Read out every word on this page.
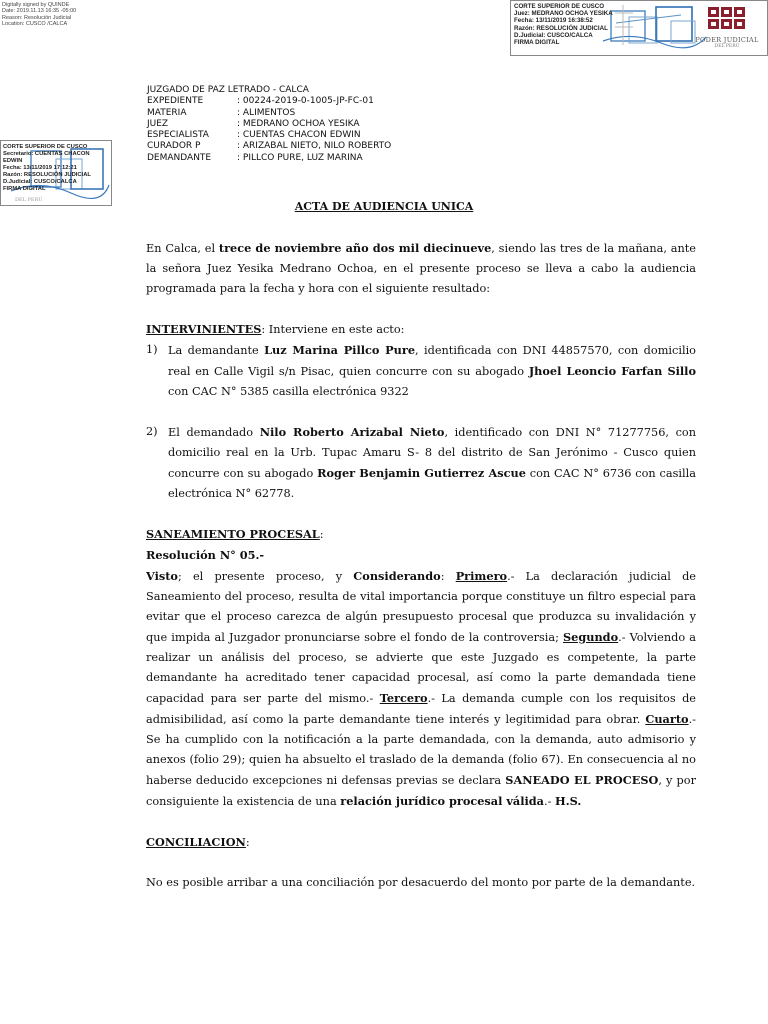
Digitally signed by QUINDE
Date: 2019.11.13 16:35 -05:00
Reason: Resolución Judicial
Location: CUSCO /CALCA
CORTE SUPERIOR DE CUSCO
Juez: MEDRANO OCHOA YESIKA
Fecha: 13/11/2019 16:38:52
Razón: RESOLUCIÓN JUDICIAL
D.Judicial: CUSCO/CALCA
FIRMA DIGITAL	PODER JUDICIAL
DEL PERÚ
CORTE SUPERIOR DE CUSCO
Secretario: CUENTAS CHACON
EDWIN
Fecha: 13/11/2019 17:12:21
Razón: RESOLUCIÓN JUDICIAL
D.Judicial: CUSCO/CALCA
FIRMA DIGITAL
DEL PERÚ
JUZGADO DE PAZ LETRADO - CALCA
EXPEDIENTE	: 00224-2019-0-1005-JP-FC-01
MATERIA	: ALIMENTOS
JUEZ	: MEDRANO OCHOA YESIKA
ESPECIALISTA	: CUENTAS CHACON EDWIN
CURADOR P	: ARIZABAL NIETO, NILO ROBERTO
DEMANDANTE	: PILLCO PURE, LUZ MARINA
ACTA DE AUDIENCIA UNICA

En Calca, el trece de noviembre año dos mil diecinueve, siendo las tres de la mañana, ante la señora Juez Yesika Medrano Ochoa, en el presente proceso se lleva a cabo la audiencia programada para la fecha y hora con el siguiente resultado:

INTERVINIENTES: Interviene en este acto:

1) La demandante Luz Marina Pillco Pure, identificada con DNI 44857570, con domicilio real en Calle Vigil s/n Pisac, quien concurre con su abogado Jhoel Leoncio Farfan Sillo con CAC N° 5385 casilla electrónica 9322
2) El demandado Nilo Roberto Arizabal Nieto, identificado con DNI N° 71277756, con domicilio real en la Urb. Tupac Amaru S- 8 del distrito de San Jerónimo - Cusco quien concurre con su abogado Roger Benjamin Gutierrez Ascue con CAC N° 6736 con casilla electrónica N° 62778.

SANEAMIENTO PROCESAL:

Resolución N° 05.-

Visto; el presente proceso, y Considerando: Primero.- La declaración judicial de Saneamiento del proceso, resulta de vital importancia porque constituye un filtro especial para evitar que el proceso carezca de algún presupuesto procesal que produzca su invalidación y que impida al Juzgador pronunciarse sobre el fondo de la controversia; Segundo.- Volviendo a realizar un análisis del proceso, se advierte que este Juzgado es competente, la parte demandante ha acreditado tener capacidad procesal, así como la parte demandada tiene capacidad para ser parte del mismo.- Tercero.- La demanda cumple con los requisitos de admisibilidad, así como la parte demandante tiene interés y legitimidad para obrar. Cuarto.- Se ha cumplido con la notificación a la parte demandada, con la demanda, auto admisorio y anexos (folio 29); quien ha absuelto el traslado de la demanda (folio 67). En consecuencia al no haberse deducido excepciones ni defensas previas se declara SANEADO EL PROCESO, y por consiguiente la existencia de una relación jurídico procesal válida.- H.S.

CONCILIACION:

No es posible arribar a una conciliación por desacuerdo del monto por parte de la demandante.
